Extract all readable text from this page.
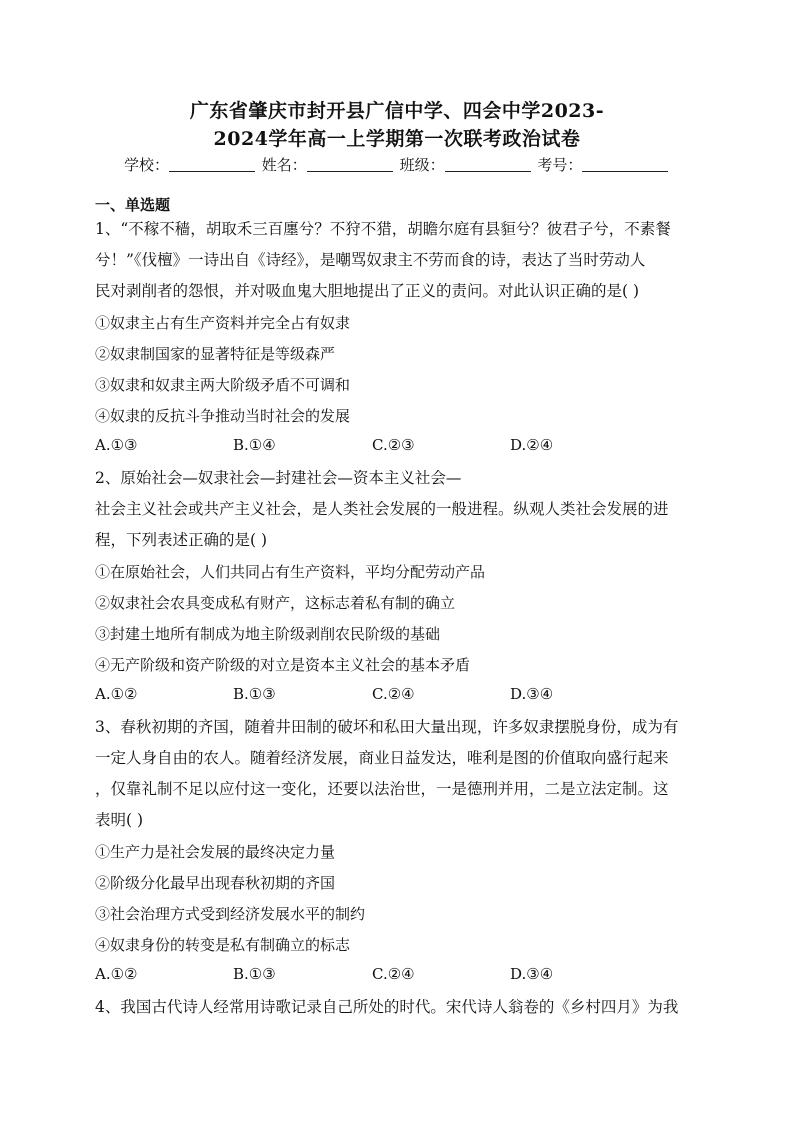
广东省肇庆市封开县广信中学、四会中学2023-
2024学年高一上学期第一次联考政治试卷
学校：	姓名：	班级：	考号：
一、单选题
1、“不稼不穑，胡取禾三百廛兮？不狩不猎，胡瞻尔庭有县貆兮？彼君子兮，不素餐
兮！”《伐檀》一诗出自《诗经》，是嘲骂奴隶主不劳而食的诗，表达了当时劳动人
民对剥削者的怨恨，并对吸血鬼大胆地提出了正义的责问。对此认识正确的是( )
①奴隶主占有生产资料并完全占有奴隶
②奴隶制国家的显著特征是等级森严
③奴隶和奴隶主两大阶级矛盾不可调和
④奴隶的反抗斗争推动当时社会的发展
A.①③	B.①④	C.②③	D.②④
2、原始社会—奴隶社会—封建社会—资本主义社会—
社会主义社会或共产主义社会，是人类社会发展的一般进程。纵观人类社会发展的进
程，下列表述正确的是( )
①在原始社会，人们共同占有生产资料，平均分配劳动产品
②奴隶社会农具变成私有财产，这标志着私有制的确立
③封建土地所有制成为地主阶级剥削农民阶级的基础
④无产阶级和资产阶级的对立是资本主义社会的基本矛盾
A.①②	B.①③	C.②④	D.③④
3、春秋初期的齐国，随着井田制的破坏和私田大量出现，许多奴隶摆脱身份，成为有
一定人身自由的农人。随着经济发展，商业日益发达，唯利是图的价值取向盛行起来
，仅靠礼制不足以应付这一变化，还要以法治世，一是德刑并用，二是立法定制。这
表明( )
①生产力是社会发展的最终决定力量
②阶级分化最早出现春秋初期的齐国
③社会治理方式受到经济发展水平的制约
④奴隶身份的转变是私有制确立的标志
A.①②	B.①③	C.②④	D.③④
4、我国古代诗人经常用诗歌记录自己所处的时代。宋代诗人翁卷的《乡村四月》为我
